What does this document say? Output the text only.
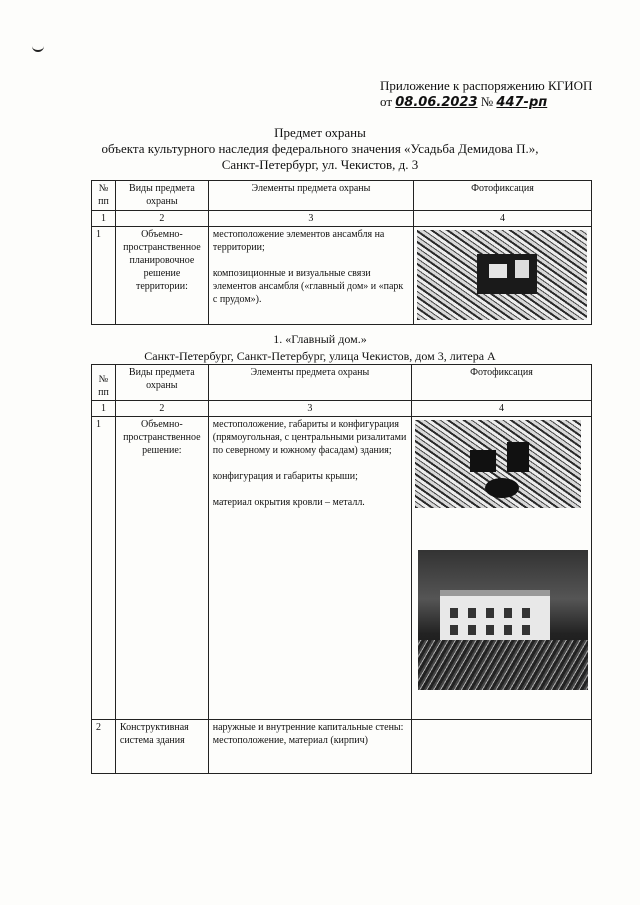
Приложение к распоряжению КГИОП
от 08.06.2023 № 447-рп
Предмет охраны
объекта культурного наследия федерального значения «Усадьба Демидова П.»,
Санкт-Петербург, ул. Чекистов, д. 3
№ пп	Виды предмета охраны	Элементы предмета охраны	Фотофиксация
1	2	3	4
1	Объемно-пространственное планировочное решение территории:	местоположение элементов ансамбля на территории;
композиционные и визуальные связи элементов ансамбля («главный дом» и «парк с прудом»).	

1. «Главный дом.»
Санкт-Петербург, Санкт-Петербург, улица Чекистов, дом 3, литера А
№ пп	Виды предмета охраны	Элементы предмета охраны	Фотофиксация
1	2	3	4
1	Объемно-пространственное решение:	местоположение, габариты и конфигурация (прямоугольная, с центральными ризалитами по северному и южному фасадам) здания;
конфигурация и габариты крыши;
материал окрытия кровли – металл.	

2	Конструктивная система здания	наружные и внутренние капитальные стены: местоположение, материал (кирпич)	
